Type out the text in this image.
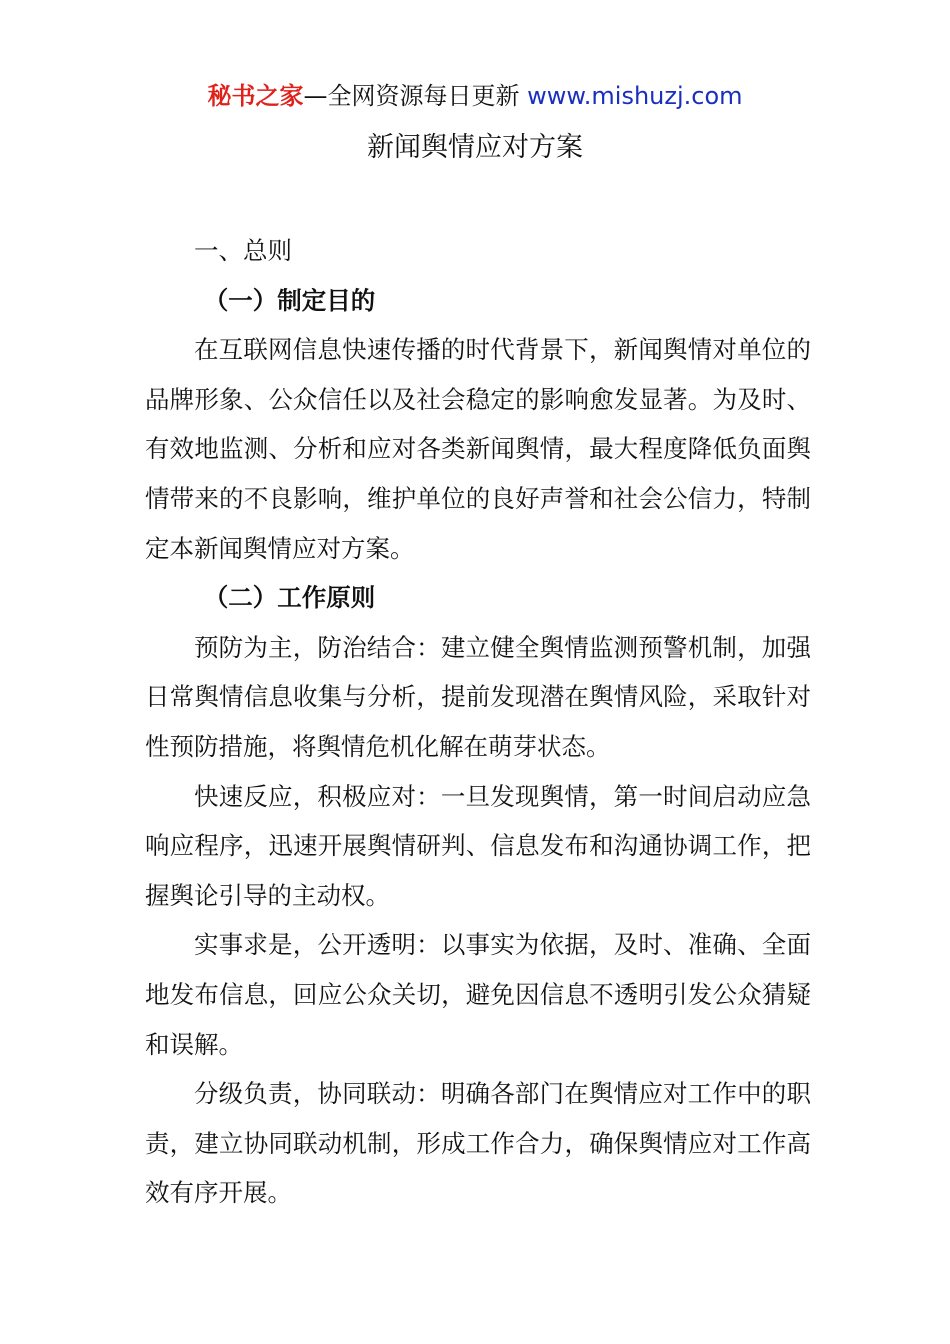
秘书之家—全网资源每日更新 www.mishuzj.com
新闻舆情应对方案

一、总则

（一）制定目的

在互联网信息快速传播的时代背景下，新闻舆情对单位的品牌形象、公众信任以及社会稳定的影响愈发显著。为及时、有效地监测、分析和应对各类新闻舆情，最大程度降低负面舆情带来的不良影响，维护单位的良好声誉和社会公信力，特制定本新闻舆情应对方案。

（二）工作原则

预防为主，防治结合：建立健全舆情监测预警机制，加强日常舆情信息收集与分析，提前发现潜在舆情风险，采取针对性预防措施，将舆情危机化解在萌芽状态。

快速反应，积极应对：一旦发现舆情，第一时间启动应急响应程序，迅速开展舆情研判、信息发布和沟通协调工作，把握舆论引导的主动权。

实事求是，公开透明：以事实为依据，及时、准确、全面地发布信息，回应公众关切，避免因信息不透明引发公众猜疑和误解。

分级负责，协同联动：明确各部门在舆情应对工作中的职责，建立协同联动机制，形成工作合力，确保舆情应对工作高效有序开展。
